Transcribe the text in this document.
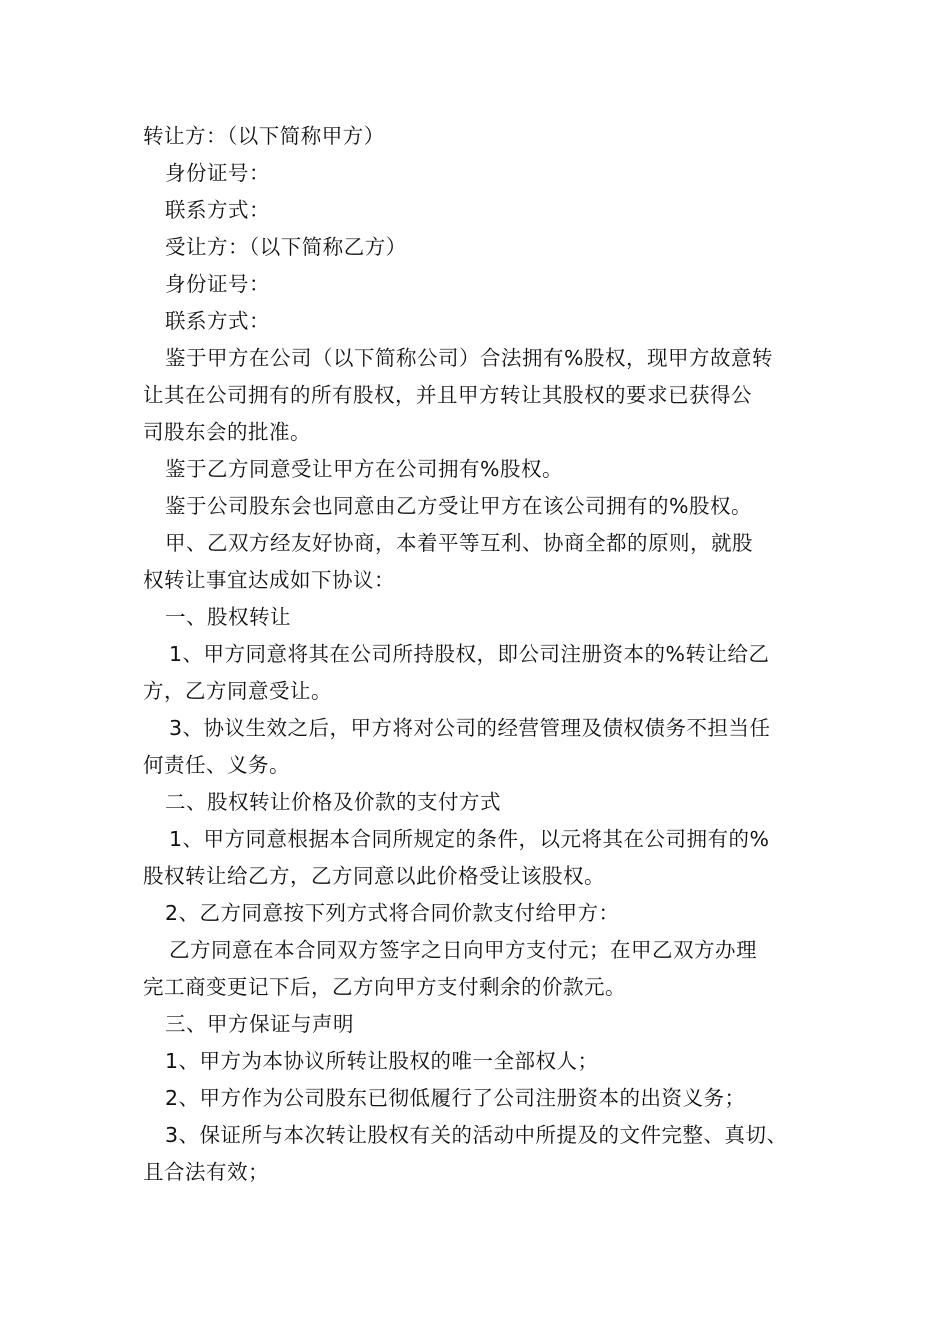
转让方：（以下简称甲方）
身份证号：
联系方式：
受让方：（以下简称乙方）
身份证号：
联系方式：
鉴于甲方在公司（以下简称公司）合法拥有%股权，现甲方故意转
让其在公司拥有的所有股权，并且甲方转让其股权的要求已获得公
司股东会的批准。
鉴于乙方同意受让甲方在公司拥有%股权。
鉴于公司股东会也同意由乙方受让甲方在该公司拥有的%股权。
甲、乙双方经友好协商，本着平等互利、协商全都的原则，就股
权转让事宜达成如下协议：
一、股权转让
1、甲方同意将其在公司所持股权，即公司注册资本的%转让给乙
方，乙方同意受让。
3、协议生效之后，甲方将对公司的经营管理及债权债务不担当任
何责任、义务。
二、股权转让价格及价款的支付方式
1、甲方同意根据本合同所规定的条件，以元将其在公司拥有的%
股权转让给乙方，乙方同意以此价格受让该股权。
2、乙方同意按下列方式将合同价款支付给甲方：
乙方同意在本合同双方签字之日向甲方支付元；在甲乙双方办理
完工商变更记下后，乙方向甲方支付剩余的价款元。
三、甲方保证与声明
1、甲方为本协议所转让股权的唯一全部权人；
2、甲方作为公司股东已彻低履行了公司注册资本的出资义务；
3、保证所与本次转让股权有关的活动中所提及的文件完整、真切、
且合法有效；
